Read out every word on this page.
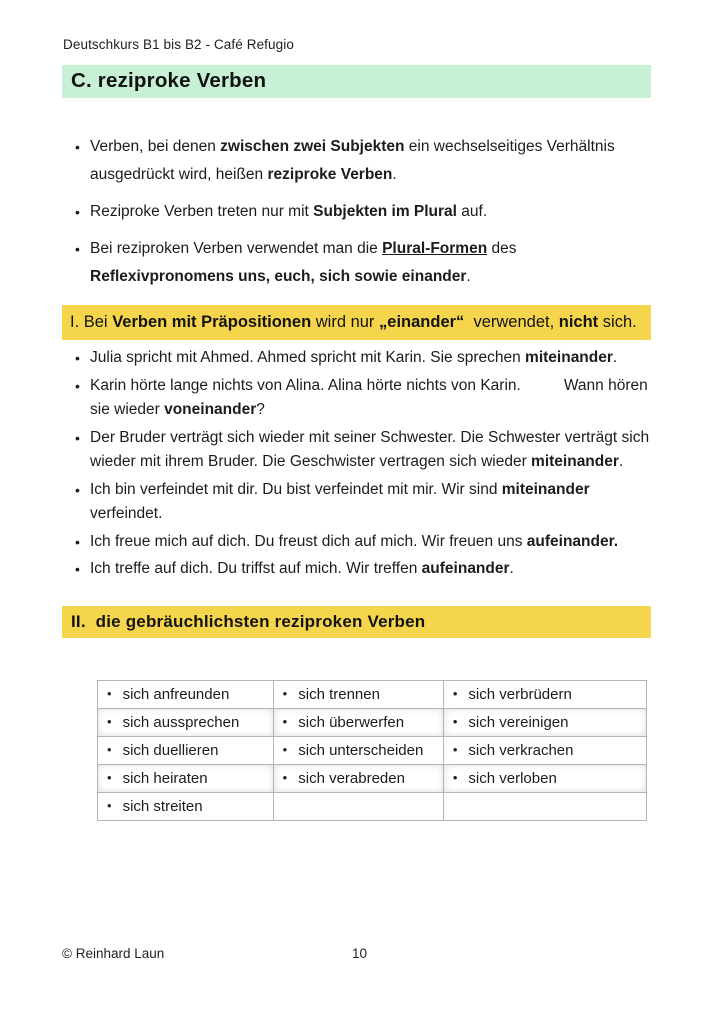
Deutschkurs B1 bis B2 - Café Refugio
C. reziproke Verben
• Verben, bei denen zwischen zwei Subjekten ein wechselseitiges Verhältnis ausgedrückt wird, heißen reziproke Verben.
• Reziproke Verben treten nur mit Subjekten im Plural auf.
• Bei reziproken Verben verwendet man die Plural-Formen des Reflexivpronomens uns, euch, sich sowie einander.
I. Bei Verben mit Präpositionen wird nur „einander“  verwendet, nicht sich.
• Julia spricht mit Ahmed. Ahmed spricht mit Karin. Sie sprechen miteinander.
• Karin hörte lange nichts von Alina. Alina hörte nichts von Karin.          Wann hören sie wieder voneinander?
• Der Bruder verträgt sich wieder mit seiner Schwester. Die Schwester verträgt sich wieder mit ihrem Bruder. Die Geschwister vertragen sich wieder miteinander.
• Ich bin verfeindet mit dir. Du bist verfeindet mit mir. Wir sind miteinander verfeindet.
• Ich freue mich auf dich. Du freust dich auf mich. Wir freuen uns aufeinander.
• Ich treffe auf dich. Du triffst auf mich. Wir treffen aufeinander.
II.  die gebräuchlichsten reziproken Verben
• sich anfreunden	• sich trennen	• sich verbrüdern
• sich aussprechen	• sich überwerfen	• sich vereinigen
• sich duellieren	• sich unterscheiden	• sich verkrachen
• sich heiraten	• sich verabreden	• sich verloben
• sich streiten		
© Reinhard Laun	10
